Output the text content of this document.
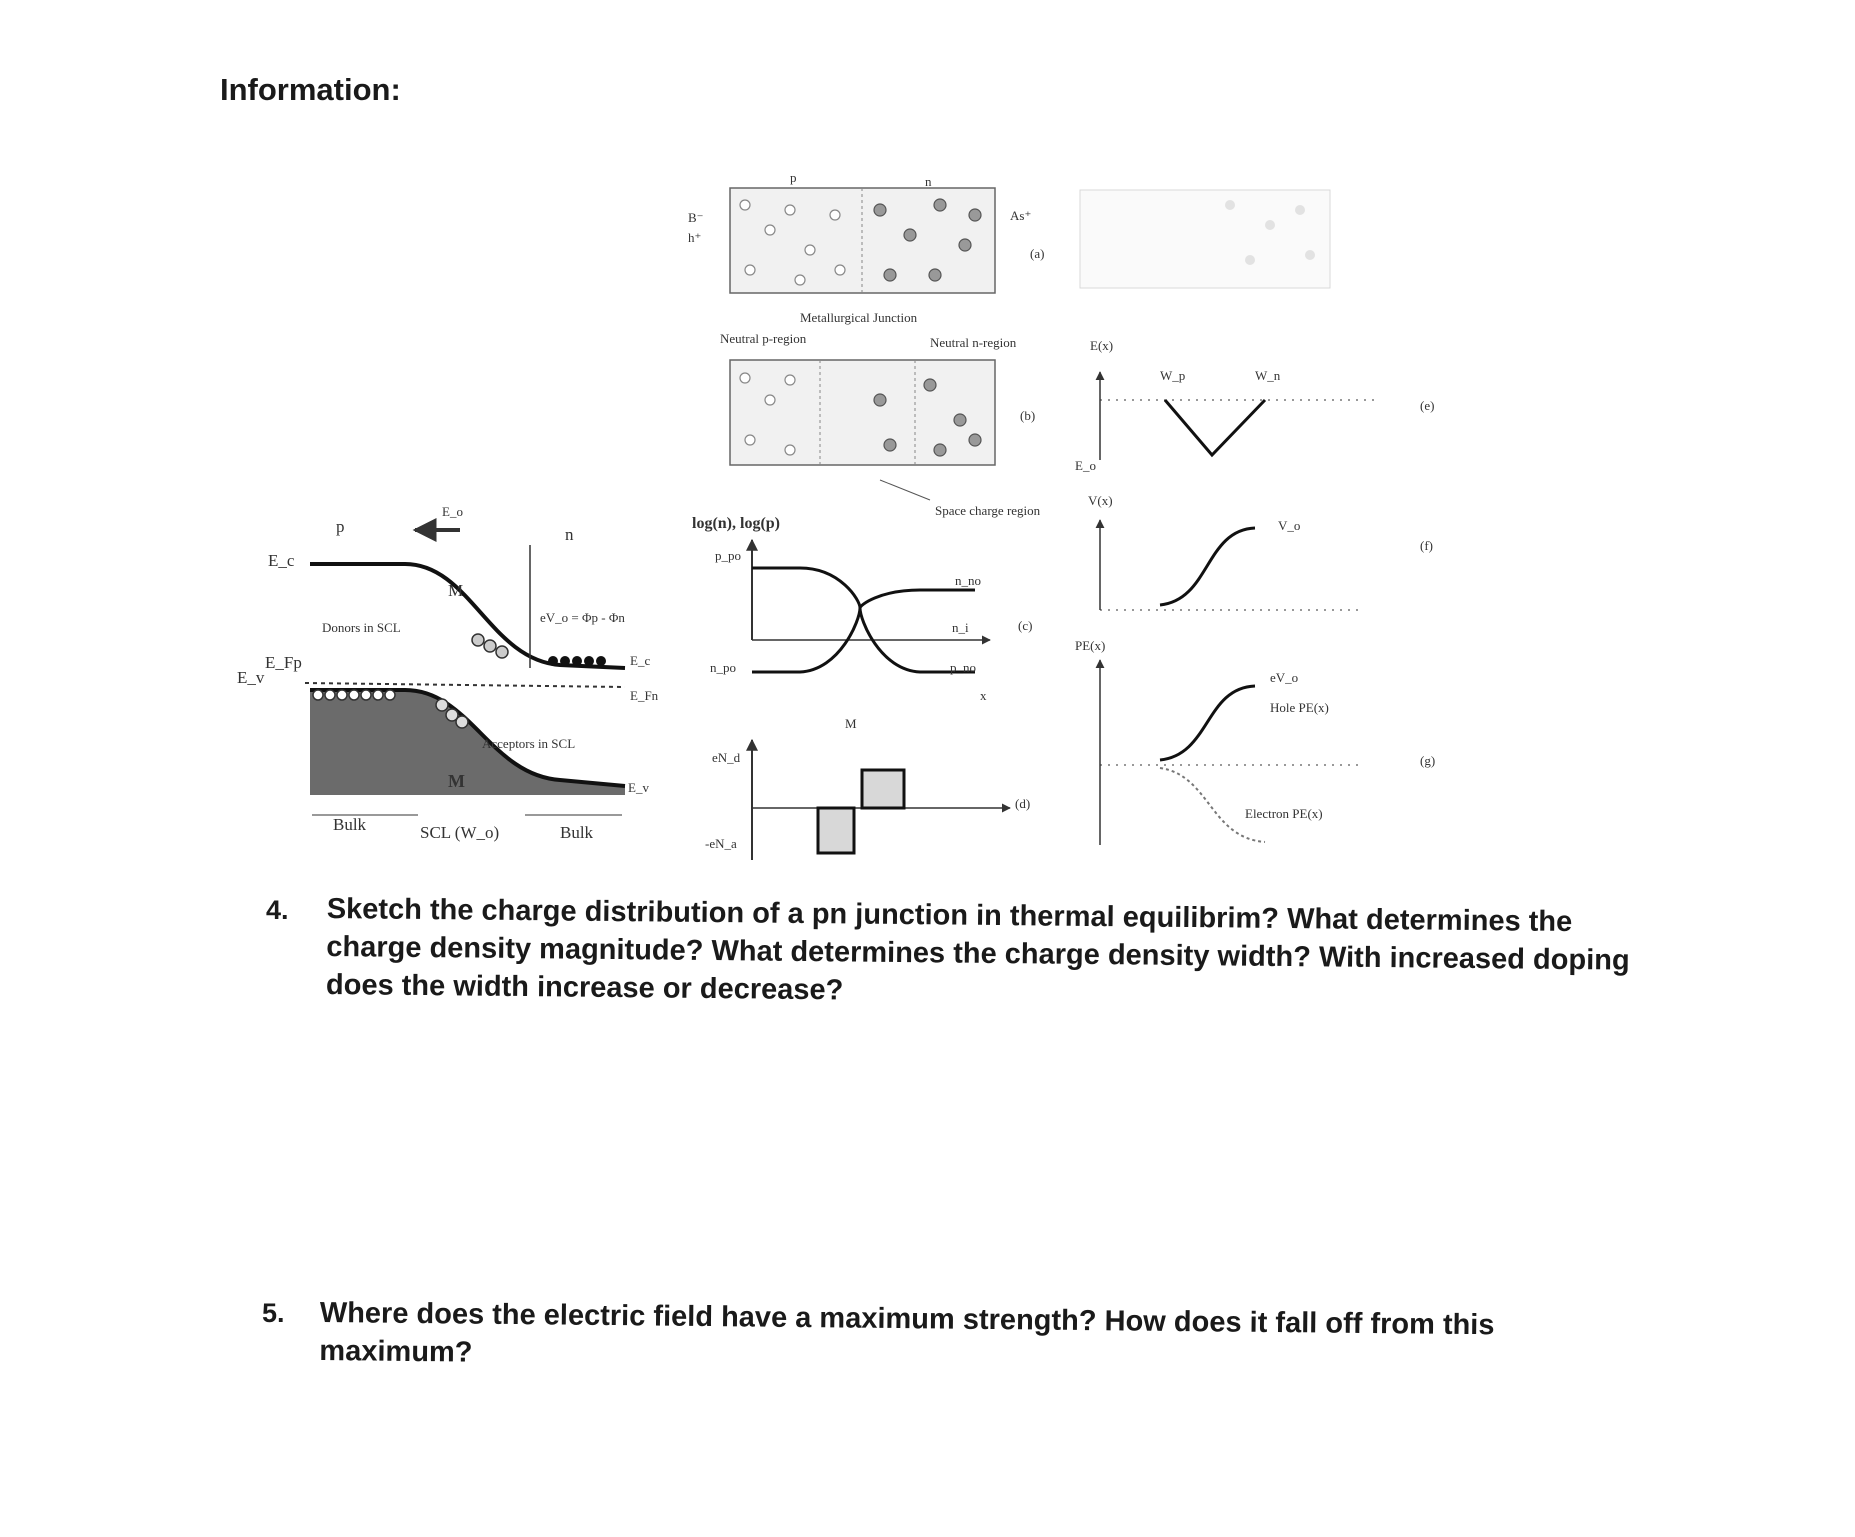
Information:
E_c
E_Fp
E_v
p	n
E_o
M
Donors in SCL
Acceptors in SCL
M
eV_o = Φp - Φn
E_c
E_Fn
E_v
Bulk	SCL (W_o)	Bulk
p	n
B⁻
h⁺
As⁺
(a)
Metallurgical Junction
Neutral p-region	Neutral n-region
(b)
Space charge region
log(n), log(p)
p_po
n_no
n_i
n_po	p_no
(c)
x
M
eN_d
-eN_a
(d)
E(x)
E_o
W_p	W_n
(e)
V(x)
V_o
(f)
PE(x)
eV_o
Hole PE(x)
Electron PE(x)
(g)
4. Sketch the charge distribution of a pn junction in thermal equilibrim? What determines the
charge density magnitude? What determines the charge density width? With increased doping
does the width increase or decrease?
5. Where does the electric field have a maximum strength? How does it fall off from this
maximum?
